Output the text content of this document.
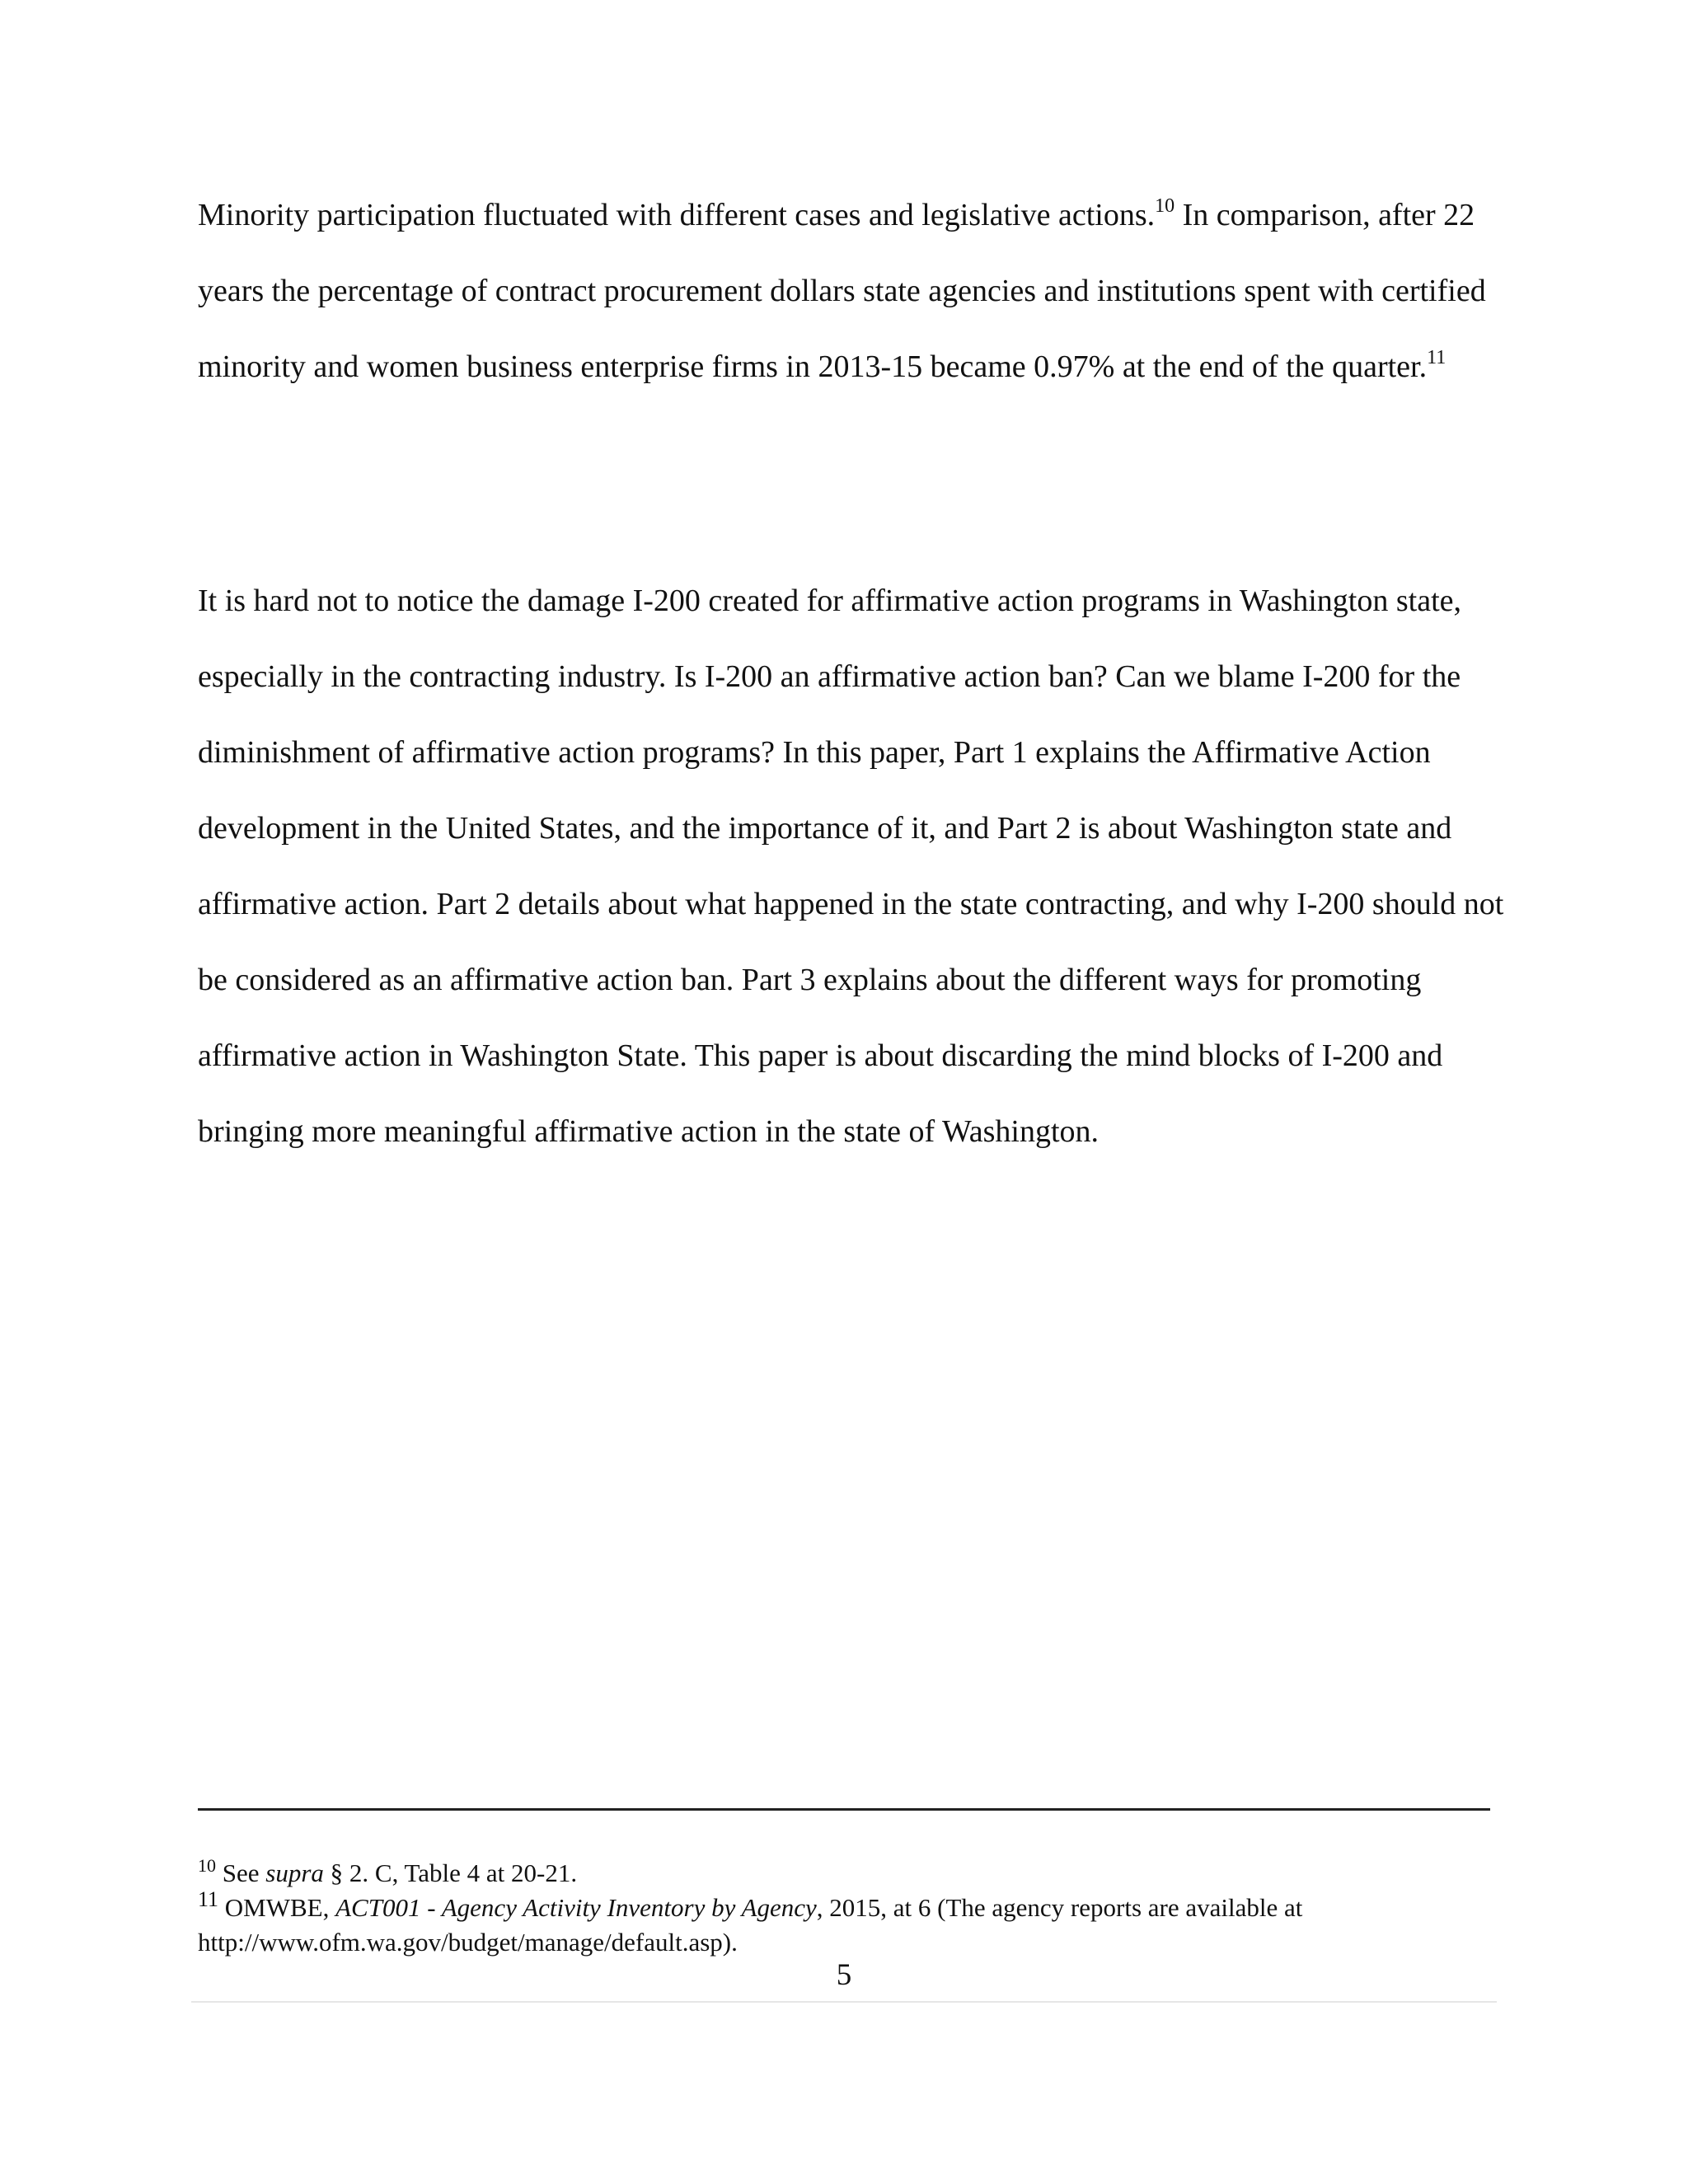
Minority participation fluctuated with different cases and legislative actions.$^{10}$ In comparison, after 22 years the percentage of contract procurement dollars state agencies and institutions spent with certified minority and women business enterprise firms in 2013-15 became 0.97% at the end of the quarter.$^{11}$

It is hard not to notice the damage I-200 created for affirmative action programs in Washington state, especially in the contracting industry. Is I-200 an affirmative action ban? Can we blame I-200 for the diminishment of affirmative action programs? In this paper, Part 1 explains the Affirmative Action development in the United States, and the importance of it, and Part 2 is about Washington state and affirmative action. Part 2 details about what happened in the state contracting, and why I-200 should not be considered as an affirmative action ban. Part 3 explains about the different ways for promoting affirmative action in Washington State. This paper is about discarding the mind blocks of I-200 and bringing more meaningful affirmative action in the state of Washington.

$^{10}$ See supra § 2. C, Table 4 at 20-21.

$^{11}$ OMWBE, ACT001 - Agency Activity Inventory by Agency, 2015, at 6 (The agency reports are available at http://www.ofm.wa.gov/budget/manage/default.asp).

5
